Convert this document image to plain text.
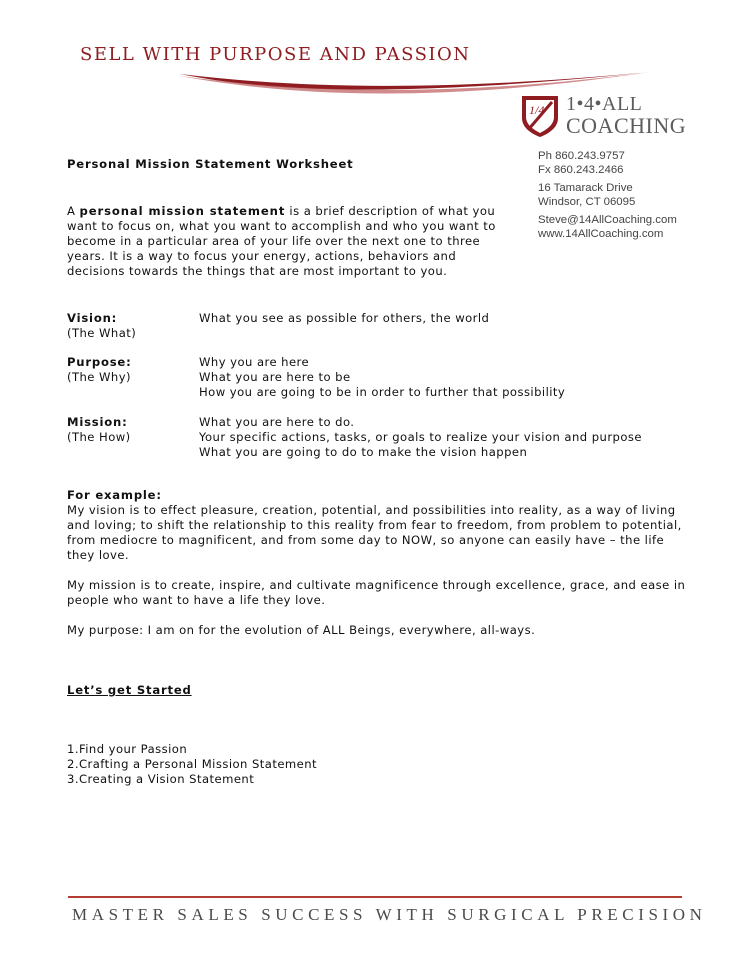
SELL WITH PURPOSE AND PASSION
1/4 1•4•ALL
COACHING
Ph 860.243.9757
Fx 860.243.2466
16 Tamarack Drive
Windsor, CT 06095
Steve@14AllCoaching.com
www.14AllCoaching.com
Personal Mission Statement Worksheet

A personal mission statement is a brief description of what you want to focus on, what you want to accomplish and who you want to become in a particular area of your life over the next one to three years. It is a way to focus your energy, actions, behaviors and decisions towards the things that are most important to you.

Vision:
(The What)
What you see as possible for others, the world
Purpose:
(The Why)
Why you are here
What you are here to be
How you are going to be in order to further that possibility
Mission:
(The How)
What you are here to do.
Your specific actions, tasks, or goals to realize your vision and purpose
What you are going to do to make the vision happen
For example:

My vision is to effect pleasure, creation, potential, and possibilities into reality, as a way of living and loving; to shift the relationship to this reality from fear to freedom, from problem to potential, from mediocre to magnificent, and from some day to NOW, so anyone can easily have – the life they love.

My mission is to create, inspire, and cultivate magnificence through excellence, grace, and ease in people who want to have a life they love.

My purpose: I am on for the evolution of ALL Beings, everywhere, all-ways.

Let’s get Started
1.Find your Passion
2.Crafting a Personal Mission Statement
3.Creating a Vision Statement

MASTER SALES SUCCESS WITH SURGICAL PRECISION
